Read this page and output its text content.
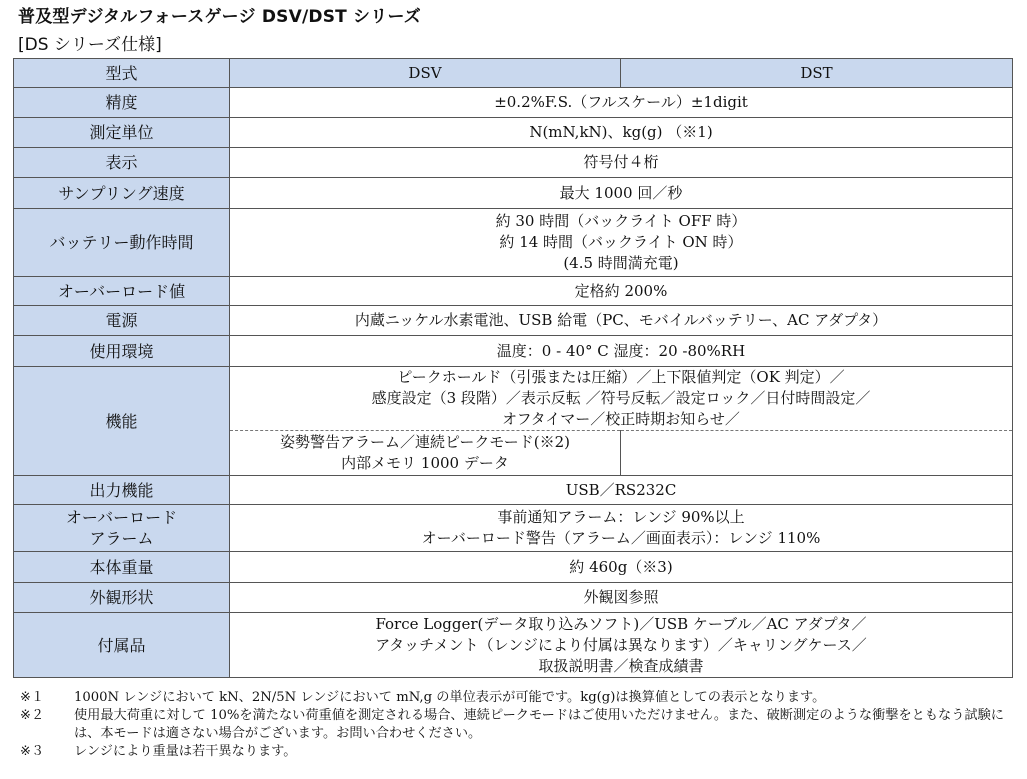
普及型デジタルフォースゲージ DSV/DST シリーズ
[DS シリーズ仕様]
型式	DSV	DST
精度	±0.2%F.S.（フルスケール）±1digit	
測定単位	N(mN,kN)、kg(g) （※1)	
表示	符号付４桁	
サンプリング速度	最大 1000 回／秒	
バッテリー動作時間	約 30 時間（バックライト OFF 時）
約 14 時間（バックライト ON 時）
(4.5 時間満充電)	

オーバーロード値	定格約 200%	
電源	内蔵ニッケル水素電池、USB 給電（PC、モバイルバッテリー、AC アダプタ）	
使用環境	温度：0 - 40° C 湿度：20 -80%RH	
機能	ピークホールド（引張または圧縮）／上下限値判定（OK 判定）／
感度設定（3 段階）／表示反転 ／符号反転／設定ロック／日付時間設定／
オフタイマー／校正時期お知らせ／	

	姿勢警告アラーム／連続ピークモード(※2)
内部メモリ 1000 データ	

出力機能	USB／RS232C	

オーバーロード
アラーム	事前通知アラーム：レンジ 90%以上
オーバーロード警告（アラーム／画面表示）：レンジ 110%	

本体重量	約 460g（※3)	
外観形状	外観図参照	
付属品	Force Logger(データ取り込みソフト)／USB ケーブル／AC アダプタ／
アタッチメント（レンジにより付属は異なります）／キャリングケース／
取扱説明書／検査成績書	
※１ 1000N レンジにおいて kN、2N/5N レンジにおいて mN,g の単位表示が可能です。kg(g)は換算値としての表示となります。
※２ 使用最大荷重に対して 10%を満たない荷重値を測定される場合、連続ピークモードはご使用いただけません。また、破断測定のような衝撃をともなう試験には、本モードは適さない場合がございます。お問い合わせください。
※３ レンジにより重量は若干異なります。
